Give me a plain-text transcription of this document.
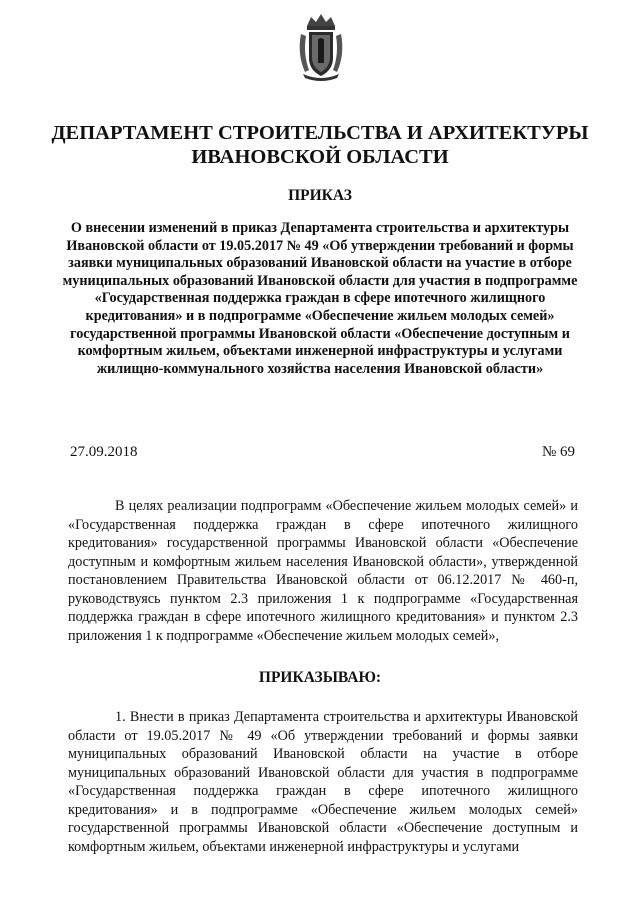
ДЕПАРТАМЕНТ СТРОИТЕЛЬСТВА И АРХИТЕКТУРЫ ИВАНОВСКОЙ ОБЛАСТИ
ПРИКАЗ
О внесении изменений в приказ Департамента строительства и архитектуры Ивановской области от 19.05.2017 № 49 «Об утверждении требований и формы заявки муниципальных образований Ивановской области на участие в отборе муниципальных образований Ивановской области для участия в подпрограмме «Государственная поддержка граждан в сфере ипотечного жилищного кредитования» и в подпрограмме «Обеспечение жильем молодых семей» государственной программы Ивановской области «Обеспечение доступным и комфортным жильем, объектами инженерной инфраструктуры и услугами жилищно-коммунального хозяйства населения Ивановской области»
27.09.2018	№ 69
В целях реализации подпрограмм «Обеспечение жильем молодых семей» и «Государственная поддержка граждан в сфере ипотечного жилищного кредитования» государственной программы Ивановской области «Обеспечение доступным и комфортным жильем населения Ивановской области», утвержденной постановлением Правительства Ивановской области от 06.12.2017 № 460-п, руководствуясь пунктом 2.3 приложения 1 к подпрограмме «Государственная поддержка граждан в сфере ипотечного жилищного кредитования» и пунктом 2.3 приложения 1 к подпрограмме «Обеспечение жильем молодых семей»,
ПРИКАЗЫВАЮ:
1. Внести в приказ Департамента строительства и архитектуры Ивановской области от 19.05.2017 № 49 «Об утверждении требований и формы заявки муниципальных образований Ивановской области на участие в отборе муниципальных образований Ивановской области для участия в подпрограмме «Государственная поддержка граждан в сфере ипотечного жилищного кредитования» и в подпрограмме «Обеспечение жильем молодых семей» государственной программы Ивановской области «Обеспечение доступным и комфортным жильем, объектами инженерной инфраструктуры и услугами
